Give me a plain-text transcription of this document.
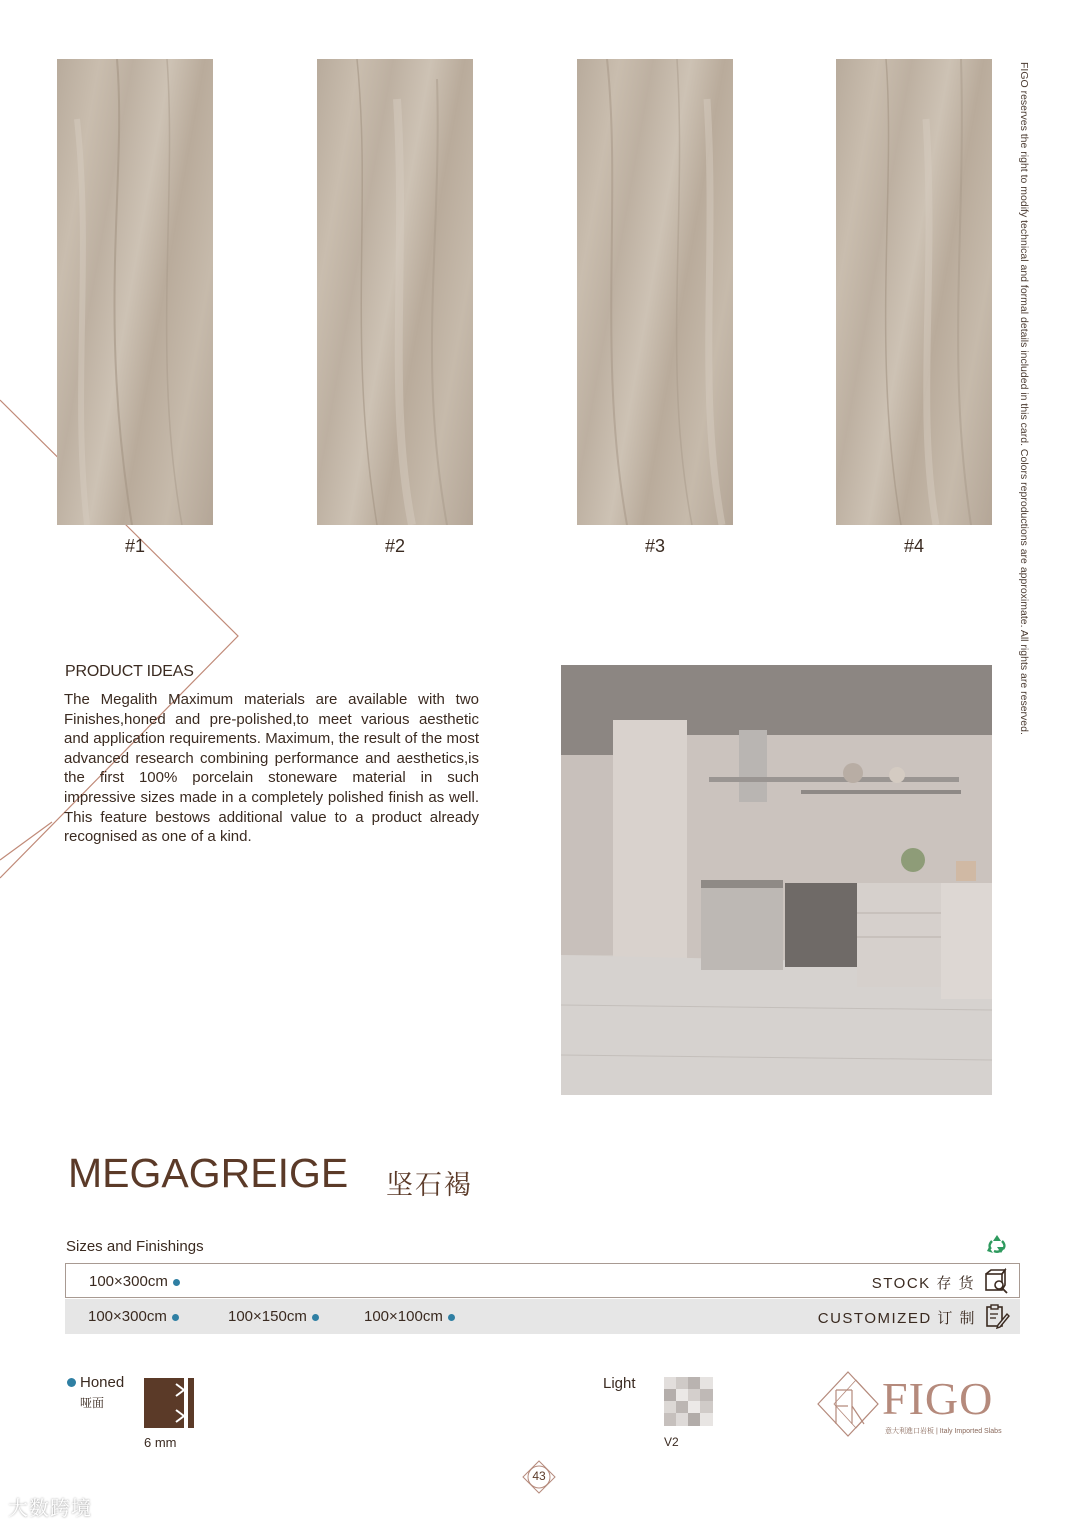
#1	#2	#3	#4	FIGO reserves the right to modify technical and formal details included in this card. Colors reproductions are approximate. All rights are reserved.
PRODUCT IDEAS
The Megalith Maximum materials are available with two Finishes,honed and pre-polished,to meet various aesthetic and application requirements. Maximum, the result of the most advanced research combining performance and aesthetics,is the first 100% porcelain stoneware material in such impressive sizes made in a completely polished finish as well. This feature bestows additional value to a product already recognised as one of a kind.
MEGAGREIGE 坚石褐
Sizes and Finishings
100×300cm	STOCK 存 货
100×300cm	100×150cm	100×100cm	CUSTOMIZED 订 制
Honed
哑面
6 mm
Light
V2
FIGO
意大利進口岩板 | Italy Imported Slabs
43
大数跨境
